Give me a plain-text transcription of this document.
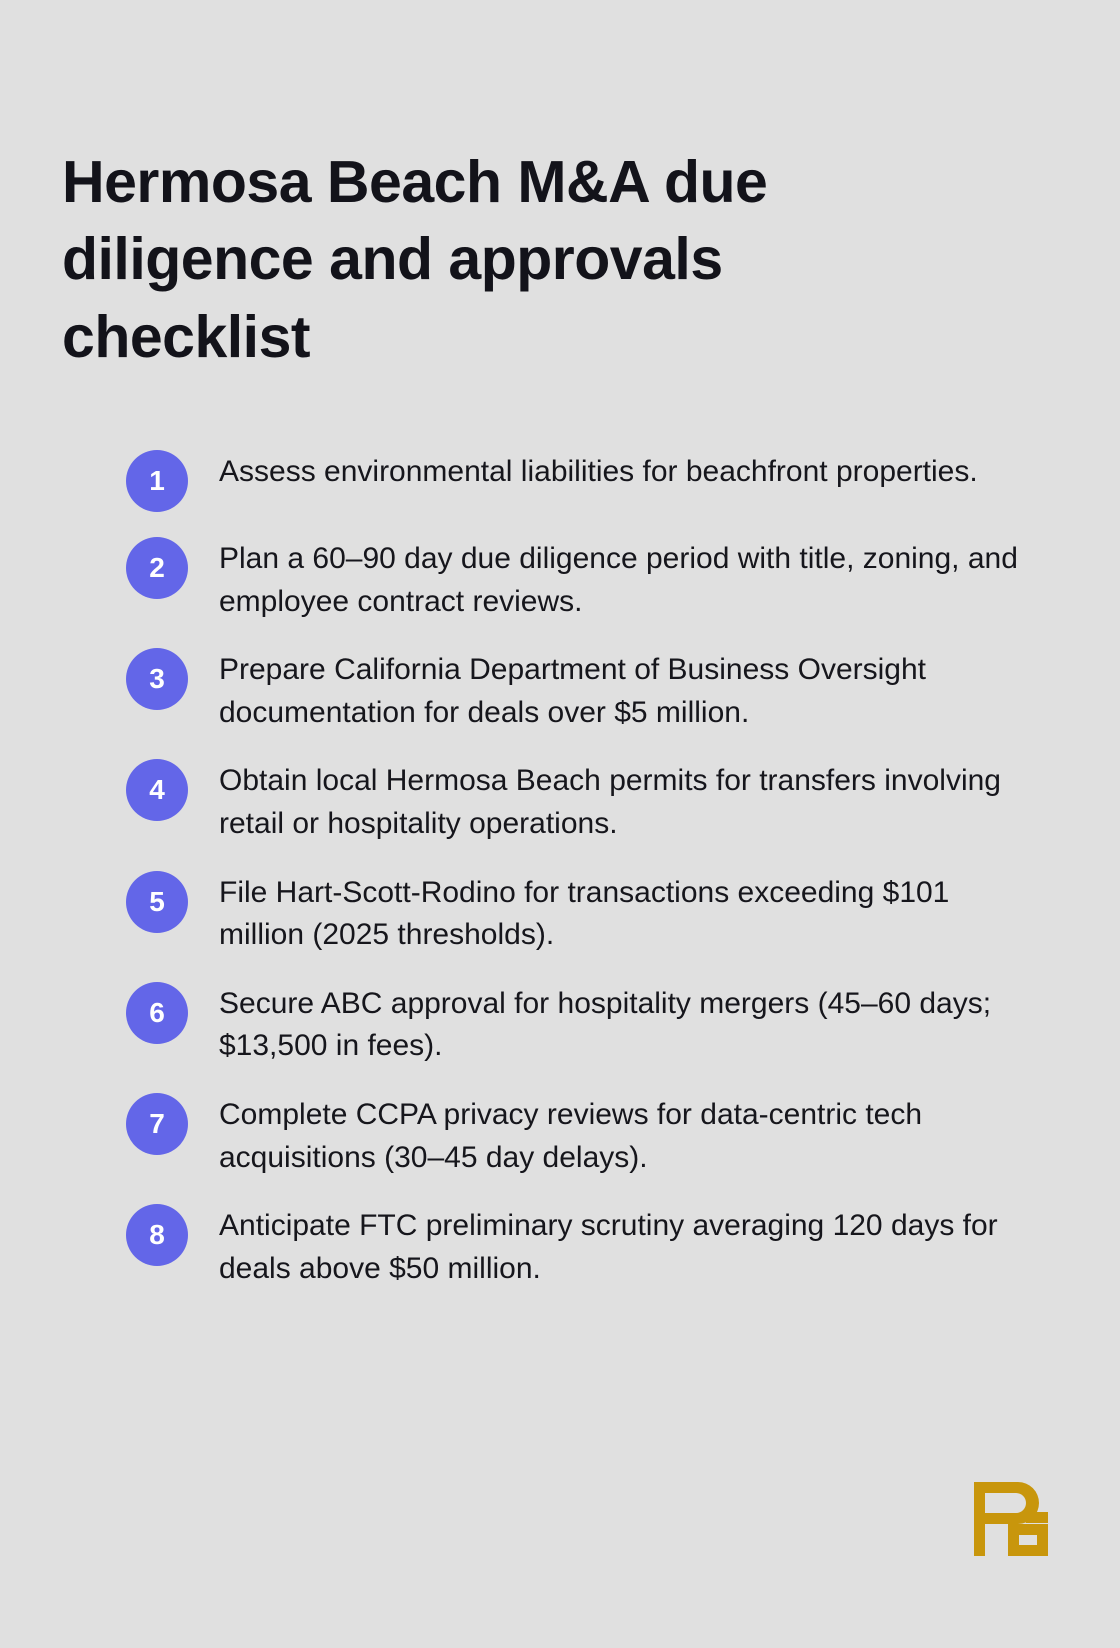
Hermosa Beach M&A due diligence and approvals checklist
1	Assess environmental liabilities for beachfront properties.
2	Plan a 60–90 day due diligence period with title, zoning, and employee contract reviews.
3	Prepare California Department of Business Oversight documentation for deals over $5 million.
4	Obtain local Hermosa Beach permits for transfers involving retail or hospitality operations.
5	File Hart-Scott-Rodino for transactions exceeding $101 million (2025 thresholds).
6	Secure ABC approval for hospitality mergers (45–60 days; $13,500 in fees).
7	Complete CCPA privacy reviews for data-centric tech acquisitions (30–45 day delays).
8	Anticipate FTC preliminary scrutiny averaging 120 days for deals above $50 million.
